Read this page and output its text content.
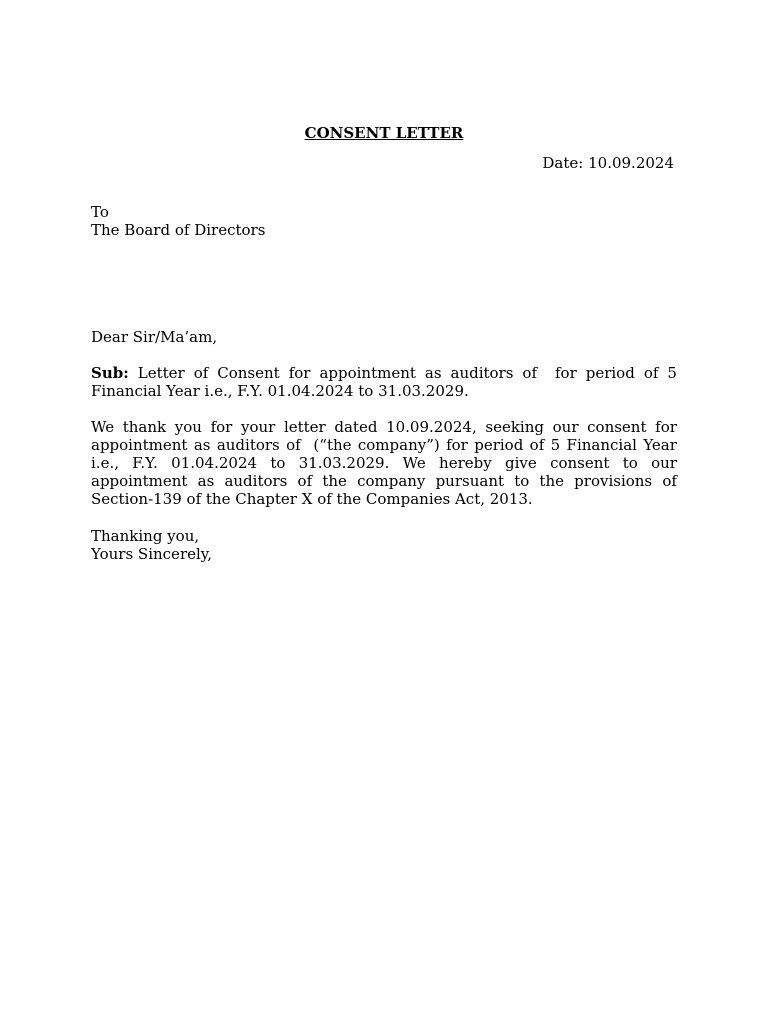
CONSENT LETTER
Date: 10.09.2024
To
The Board of Directors
Dear Sir/Ma’am,
Sub: Letter of Consent for appointment as auditors of for period of 5
Financial Year i.e., F.Y. 01.04.2024 to 31.03.2029.
We thank you for your letter dated 10.09.2024, seeking our consent for
appointment as auditors of (“the company”) for period of 5 Financial Year
i.e., F.Y. 01.04.2024 to 31.03.2029. We hereby give consent to our
appointment as auditors of the company pursuant to the provisions of
Section-139 of the Chapter X of the Companies Act, 2013.
Thanking you,
Yours Sincerely,
